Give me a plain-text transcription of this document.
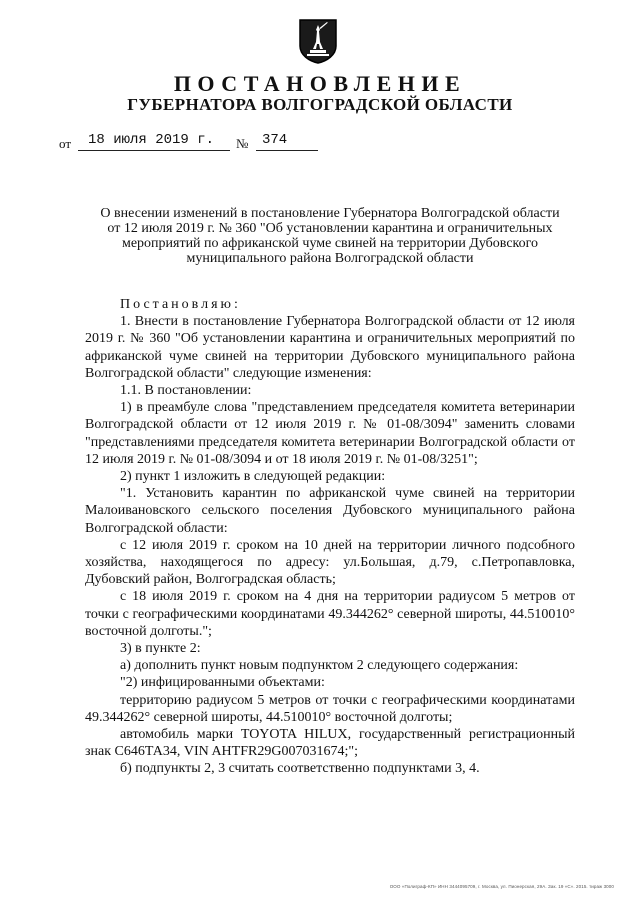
ПОСТАНОВЛЕНИЕ
ГУБЕРНАТОРА ВОЛГОГРАДСКОЙ ОБЛАСТИ
от 18 июля 2019 г. № 374
О внесении изменений в постановление Губернатора Волгоградской области
от 12 июля 2019 г. № 360 "Об установлении карантина и ограничительных
мероприятий по африканской чуме свиней на территории Дубовского
муниципального района Волгоградской области

Постановляю:

1. Внести в постановление Губернатора Волгоградской области от 12 июля 2019 г. № 360 "Об установлении карантина и ограничительных мероприятий по африканской чуме свиней на территории Дубовского муниципального района Волгоградской области" следующие изменения:

1.1. В постановлении:

1) в преамбуле слова "представлением председателя комитета ветеринарии Волгоградской области от 12 июля 2019 г. № 01-08/3094" заменить словами "представлениями председателя комитета ветеринарии Волгоградской области от 12 июля 2019 г. № 01-08/3094 и от 18 июля 2019 г. № 01-08/3251";

2) пункт 1 изложить в следующей редакции:

"1. Установить карантин по африканской чуме свиней на территории Малоивановского сельского поселения Дубовского муниципального района Волгоградской области:

с 12 июля 2019 г. сроком на 10 дней на территории личного подсобного хозяйства, находящегося по адресу: ул.Большая, д.79, с.Петропавловка, Дубовский район, Волгоградская область;

с 18 июля 2019 г. сроком на 4 дня на территории радиусом 5 метров от точки с географическими координатами 49.344262° северной широты, 44.510010° восточной долготы.";

3) в пункте 2:

а) дополнить пункт новым подпунктом 2 следующего содержания:

"2) инфицированными объектами:

территорию радиусом 5 метров от точки с географическими координатами 49.344262° северной широты, 44.510010° восточной долготы;

автомобиль марки TOYOTA HILUX, государственный регистрационный знак С646ТА34, VIN AHTFR29G007031674;";

б) подпункты 2, 3 считать соответственно подпунктами 3, 4.

ООО «Полиграф-КП» ИНН 3444095709, г. Москва, ул. Пионерская, 29А. Зак. 19 «С». 2015. тираж 3000
